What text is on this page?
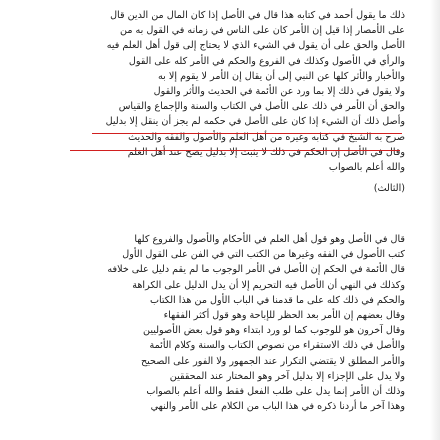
ذلك ما يقول أحمد في كتابه هذا قال في الأصل إذا كان المال من الدين قال
على الأمصار إذا قيل إن الأمر كان على الناس في زمانه في القول به من
الأصل والحق على أن يقول في الشيء الذي لا يحتاج إلى قول أهل العلم فيه
والرأي في الأصول وكذلك في الفروع والحكم في الأمر كله على القول
والأخبار والأثر كلها عن النبي إلى أن يقال إن الأمر لا يقوم إلا به
ولا يقول في ذلك إلا بما ورد عن الأئمة في الحديث والأثر والقول
والحق أن الأمر في ذلك على الأصل في الكتاب والسنة والإجماع والقياس
وأصل ذلك أن الشيء إذا كان على الأصل في حكمه لم يجز أن ينقل إلا بدليل
صرح به الشيخ في كتابه وغيره من أهل العلم والأصول والفقه والحديث
وقال في الأصل إن الحكم في ذلك لا يثبت إلا بدليل يصح عند أهل العلم
والله أعلم بالصواب
(الثالث)
قال في الأصل وهو قول أهل العلم في الأحكام والأصول والفروع كلها
كتب الأصول في الفقه وغيرها من الكتب التي في الفن على القول الأول
قال الأئمة في الحكم إن الأصل في الأمر الوجوب ما لم يقم دليل على خلافه
وكذلك في النهي أن الأصل فيه التحريم إلا أن يدل الدليل على الكراهة
والحكم في ذلك كله على ما قدمنا في الباب الأول من هذا الكتاب
وقال بعضهم إن الأمر بعد الحظر للإباحة وهو قول أكثر الفقهاء
وقال آخرون هو للوجوب كما لو ورد ابتداء وهو قول بعض الأصوليين
والأصل في ذلك الاستقراء من نصوص الكتاب والسنة وكلام الأئمة
والأمر المطلق لا يقتضي التكرار عند الجمهور ولا الفور على الصحيح
ولا يدل على الإجزاء إلا بدليل آخر وهو المختار عند المحققين
وذلك أن الأمر إنما يدل على طلب الفعل فقط والله أعلم بالصواب
وهذا آخر ما أردنا ذكره في هذا الباب من الكلام على الأمر والنهي
